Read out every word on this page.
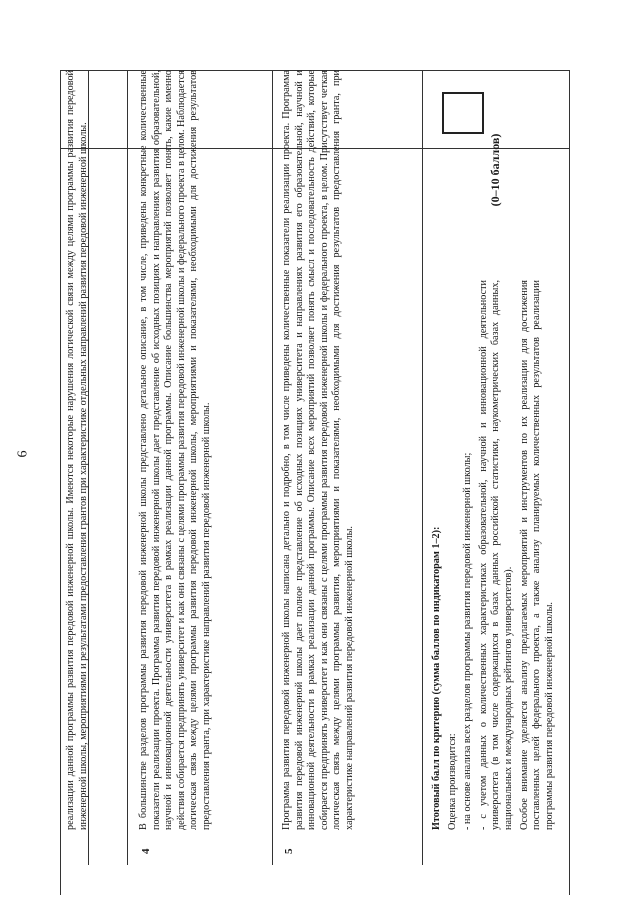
6	реализации данной программы развития передовой инженерной школы. Имеются некоторые нарушения логической связи между целями программы развития передовой инженерной школы, мероприятиями и результатами предоставления грантов при характеристике отдельных направлений развития передовой инженерной школы.

4

В большинстве разделов программы развития передовой инженерной школы представлено детальное описание, в том числе, приведены конкретные количественные показатели реализации проекта. Программа развития передовой инженерной школы дает представление об исходных позициях и направлениях развития образовательной, научной и инновационной деятельности университета в рамках реализации данной программы. Описание большинства мероприятий позволяет понять, какие именно действия собирается предпринять университет и как они связаны с целями программы развития передовой инженерной школы и федерального проекта в целом. Наблюдается логическая связь между целями программы развития передовой инженерной школы, мероприятиями и показателями, необходимыми для достижения результатов предоставления гранта, при характеристике направлений развития передовой инженерной школы.

5

Программа развития передовой инженерной школы написана детально и подробно, в том числе приведены количественные показатели реализации проекта. Программа развития передовой инженерной школы дает полное представление об исходных позициях университета и направлениях развития его образовательной, научной и инновационной деятельности в рамках реализации данной программы. Описание всех мероприятий позволяет понять смысл и последовательность действий, которые собирается предпринять университет и как они связаны с целями программы развития передовой инженерной школы и федерального проекта, в целом. Присутствует четкая логическая связь между целями программы развития, мероприятиями и показателями, необходимыми для достижения результатов предоставления гранта, при характеристике направлений развития передовой инженерной школы.	Итоговый балл по критерию (сумма баллов по индикаторам 1–2): Оценка производится: - на основе анализа всех разделов программы развития передовой инженерной школы; - с учетом данных о количественных характеристиках образовательной, научной и инновационной деятельности университета (в том числе содержащихся в базах данных российской статистики, наукометрических базах данных, национальных и международных рейтингов университетов). Особое внимание уделяется анализу предлагаемых мероприятий и инструментов по их реализации для достижения поставленных целей федерального проекта, а также анализу планируемых количественных результатов реализации программы развития передовой инженерной школы.

(0–10 баллов)
